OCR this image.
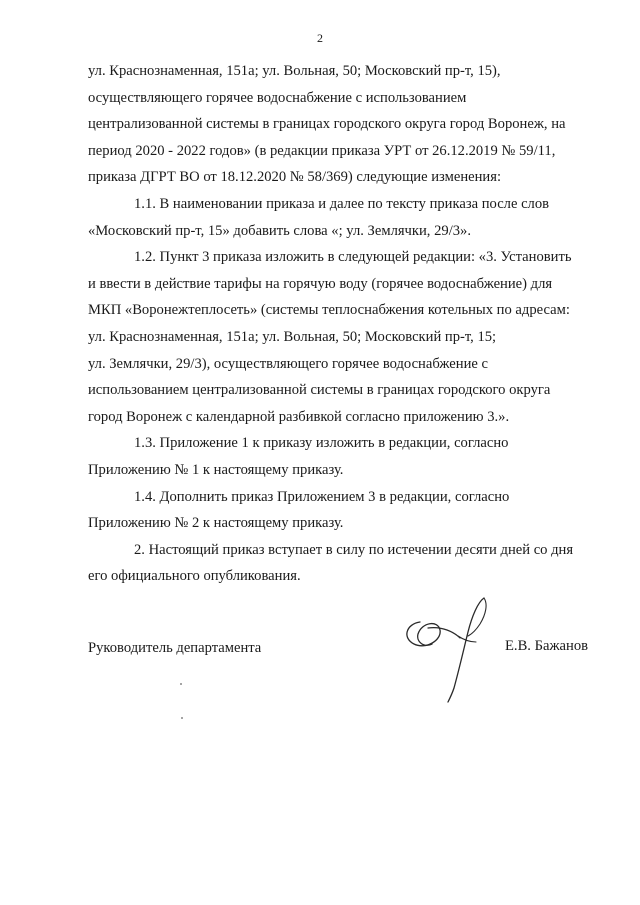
2

ул. Краснознаменная, 151а; ул. Вольная, 50; Московский пр-т, 15),
осуществляющего горячее водоснабжение с использованием
централизованной системы в границах городского округа город Воронеж, на
период 2020 - 2022 годов» (в редакции приказа УРТ от 26.12.2019 № 59/11,
приказа ДГРТ ВО от 18.12.2020 № 58/369) следующие изменения:

1.1. В наименовании приказа и далее по тексту приказа после слов
«Московский пр-т, 15» добавить слова «; ул. Землячки, 29/3».

1.2. Пункт 3 приказа изложить в следующей редакции: «3. Установить
и ввести в действие тарифы на горячую воду (горячее водоснабжение) для
МКП «Воронежтеплосеть» (системы теплоснабжения котельных по адресам:
ул. Краснознаменная, 151а; ул. Вольная, 50; Московский пр-т, 15;
ул. Землячки, 29/3), осуществляющего горячее водоснабжение с
использованием централизованной системы в границах городского округа
город Воронеж с календарной разбивкой согласно приложению 3.».

1.3. Приложение 1 к приказу изложить в редакции, согласно
Приложению № 1 к настоящему приказу.

1.4. Дополнить приказ Приложением 3 в редакции, согласно
Приложению № 2 к настоящему приказу.

2. Настоящий приказ вступает в силу по истечении десяти дней со дня
его официального опубликования.

Руководитель департамента	Е.В. Бажанов
